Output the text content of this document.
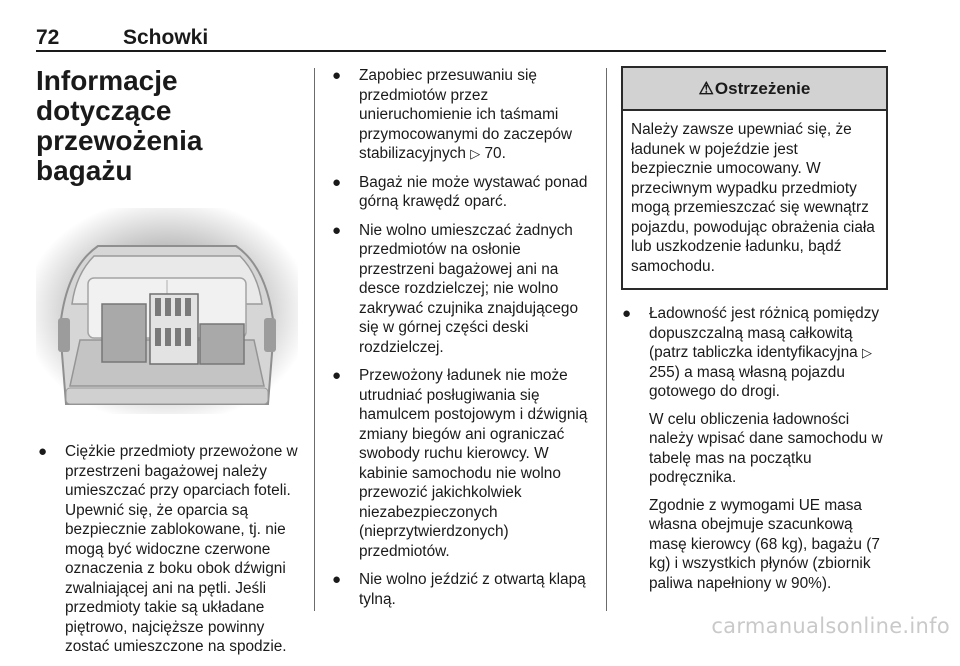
72	Schowki
Informacje dotyczące
przewożenia bagażu
● Ciężkie przedmioty przewożone w przestrzeni bagażowej należy umieszczać przy oparciach foteli. Upewnić się, że oparcia są bezpiecznie zablokowane, tj. nie mogą być widoczne czerwone oznaczenia z boku obok dźwigni zwalniającej ani na pętli. Jeśli przedmioty takie są układane piętrowo, najcięższe powinny zostać umieszczone na spodzie.
● Zapobiec przesuwaniu się przedmiotów przez unieruchomienie ich taśmami przymocowanymi do zaczepów stabilizacyjnych ▷ 70.
● Bagaż nie może wystawać ponad górną krawędź oparć.
● Nie wolno umieszczać żadnych przedmiotów na osłonie przestrzeni bagażowej ani na desce rozdzielczej; nie wolno zakrywać czujnika znajdującego się w górnej części deski rozdzielczej.
● Przewożony ładunek nie może utrudniać posługiwania się hamulcem postojowym i dźwignią zmiany biegów ani ograniczać swobody ruchu kierowcy. W kabinie samochodu nie wolno przewozić jakichkolwiek niezabezpieczonych (nieprzytwierdzonych) przedmiotów.
● Nie wolno jeździć z otwartą klapą tylną.
⚠ Ostrzeżenie
Należy zawsze upewniać się, że ładunek w pojeździe jest bezpiecznie umocowany. W przeciwnym wypadku przedmioty mogą przemieszczać się wewnątrz pojazdu, powodując obrażenia ciała lub uszkodzenie ładunku, bądź samochodu.
● Ładowność jest różnicą pomiędzy dopuszczalną masą całkowitą (patrz tabliczka identyfikacyjna ▷ 255) a masą własną pojazdu gotowego do drogi.

W celu obliczenia ładowności należy wpisać dane samochodu w tabelę mas na początku podręcznika.

Zgodnie z wymogami UE masa własna obejmuje szacunkową masę kierowcy (68 kg), bagażu (7 kg) i wszystkich płynów (zbiornik paliwa napełniony w 90%).

carmanualsonline.info
